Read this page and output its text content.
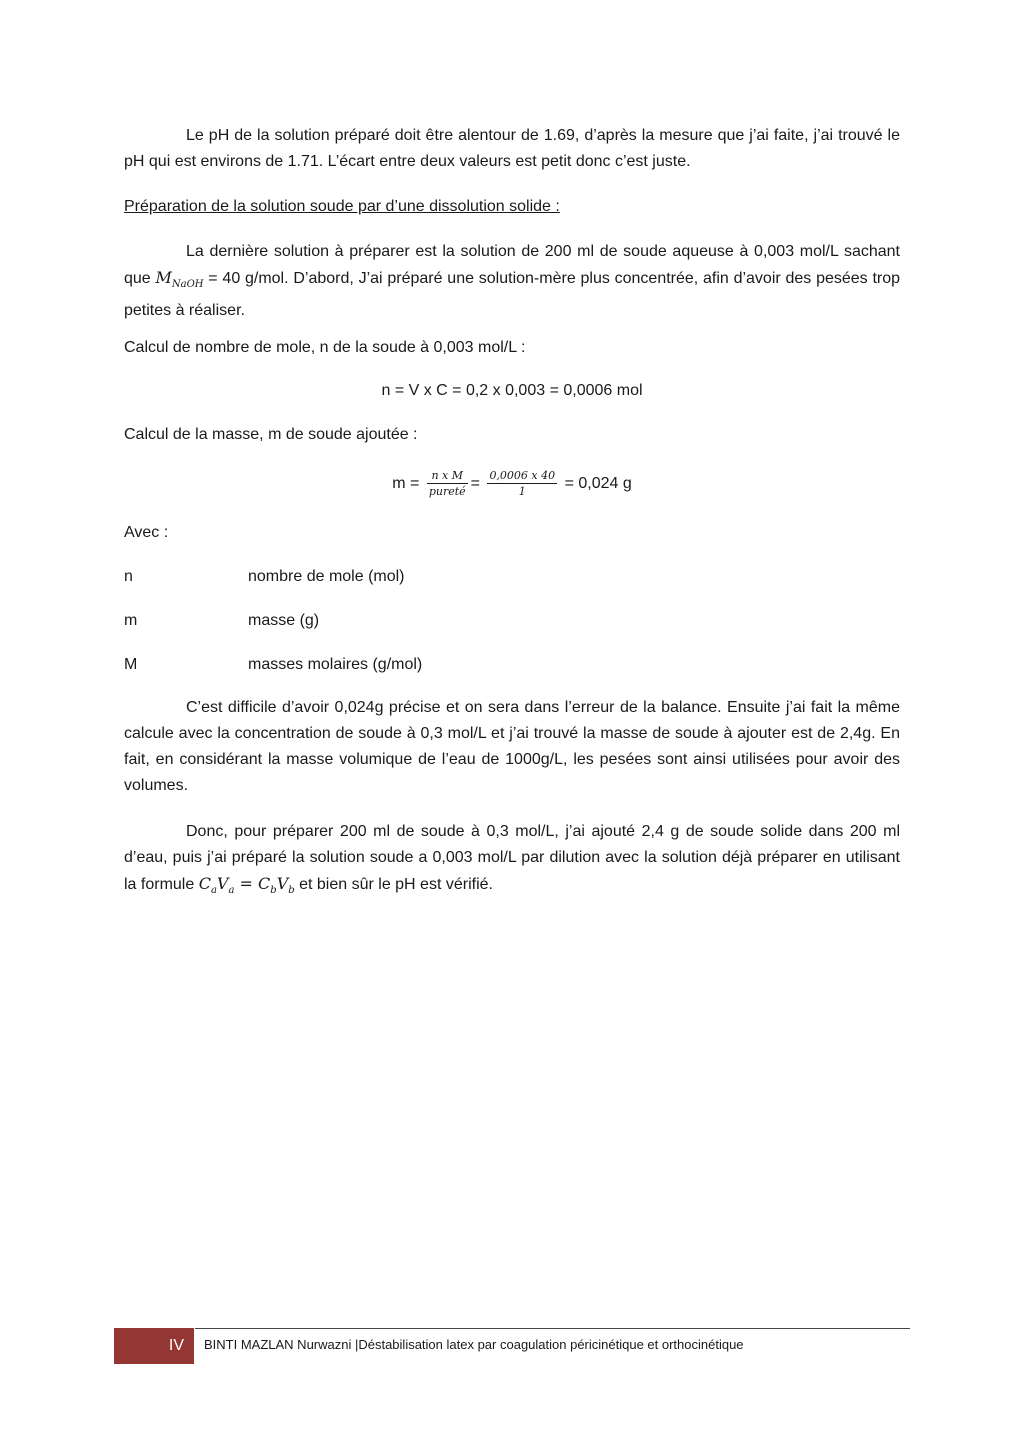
Le pH de la solution préparé doit être alentour de 1.69, d’après la mesure que j’ai faite, j’ai trouvé le pH qui est environs de 1.71. L’écart entre deux valeurs est petit donc c’est juste.

Préparation de la solution soude par d’une dissolution solide :

La dernière solution à préparer est la solution de 200 ml de soude aqueuse à 0,003 mol/L sachant que $M_{NaOH} = 40$ g/mol. D’abord, J’ai préparé une solution-mère plus concentrée, afin d’avoir des pesées trop petites à réaliser.

Calcul de nombre de mole, n de la soude à 0,003 mol/L :

n = V x C = 0,2 x 0,003 = 0,0006 mol

Calcul de la masse, m de soude ajoutée :

$m = \frac{\text{n x M}}{\text{pureté}} = \frac{0,0006 x 40}{1} = 0,024$ g

Avec :

n	nombre de mole (mol)
m	masse (g)
M	masses molaires (g/mol)

C’est difficile d’avoir 0,024g précise et on sera dans l’erreur de la balance. Ensuite j’ai fait la même calcule avec la concentration de soude à 0,3 mol/L et j’ai trouvé la masse de soude à ajouter est de 2,4g. En fait, en considérant la masse volumique de l’eau de 1000g/L, les pesées sont ainsi utilisées pour avoir des volumes.

Donc, pour préparer 200 ml de soude à 0,3 mol/L, j’ai ajouté 2,4 g de soude solide dans 200 ml d’eau, puis j’ai préparé la solution soude a 0,003 mol/L par dilution avec la solution déjà préparer en utilisant la formule $C_aV_a = C_bV_b$ et bien sûr le pH est vérifié.

IV	BINTI MAZLAN Nurwazni |Déstabilisation latex par coagulation péricinétique et orthocinétique
